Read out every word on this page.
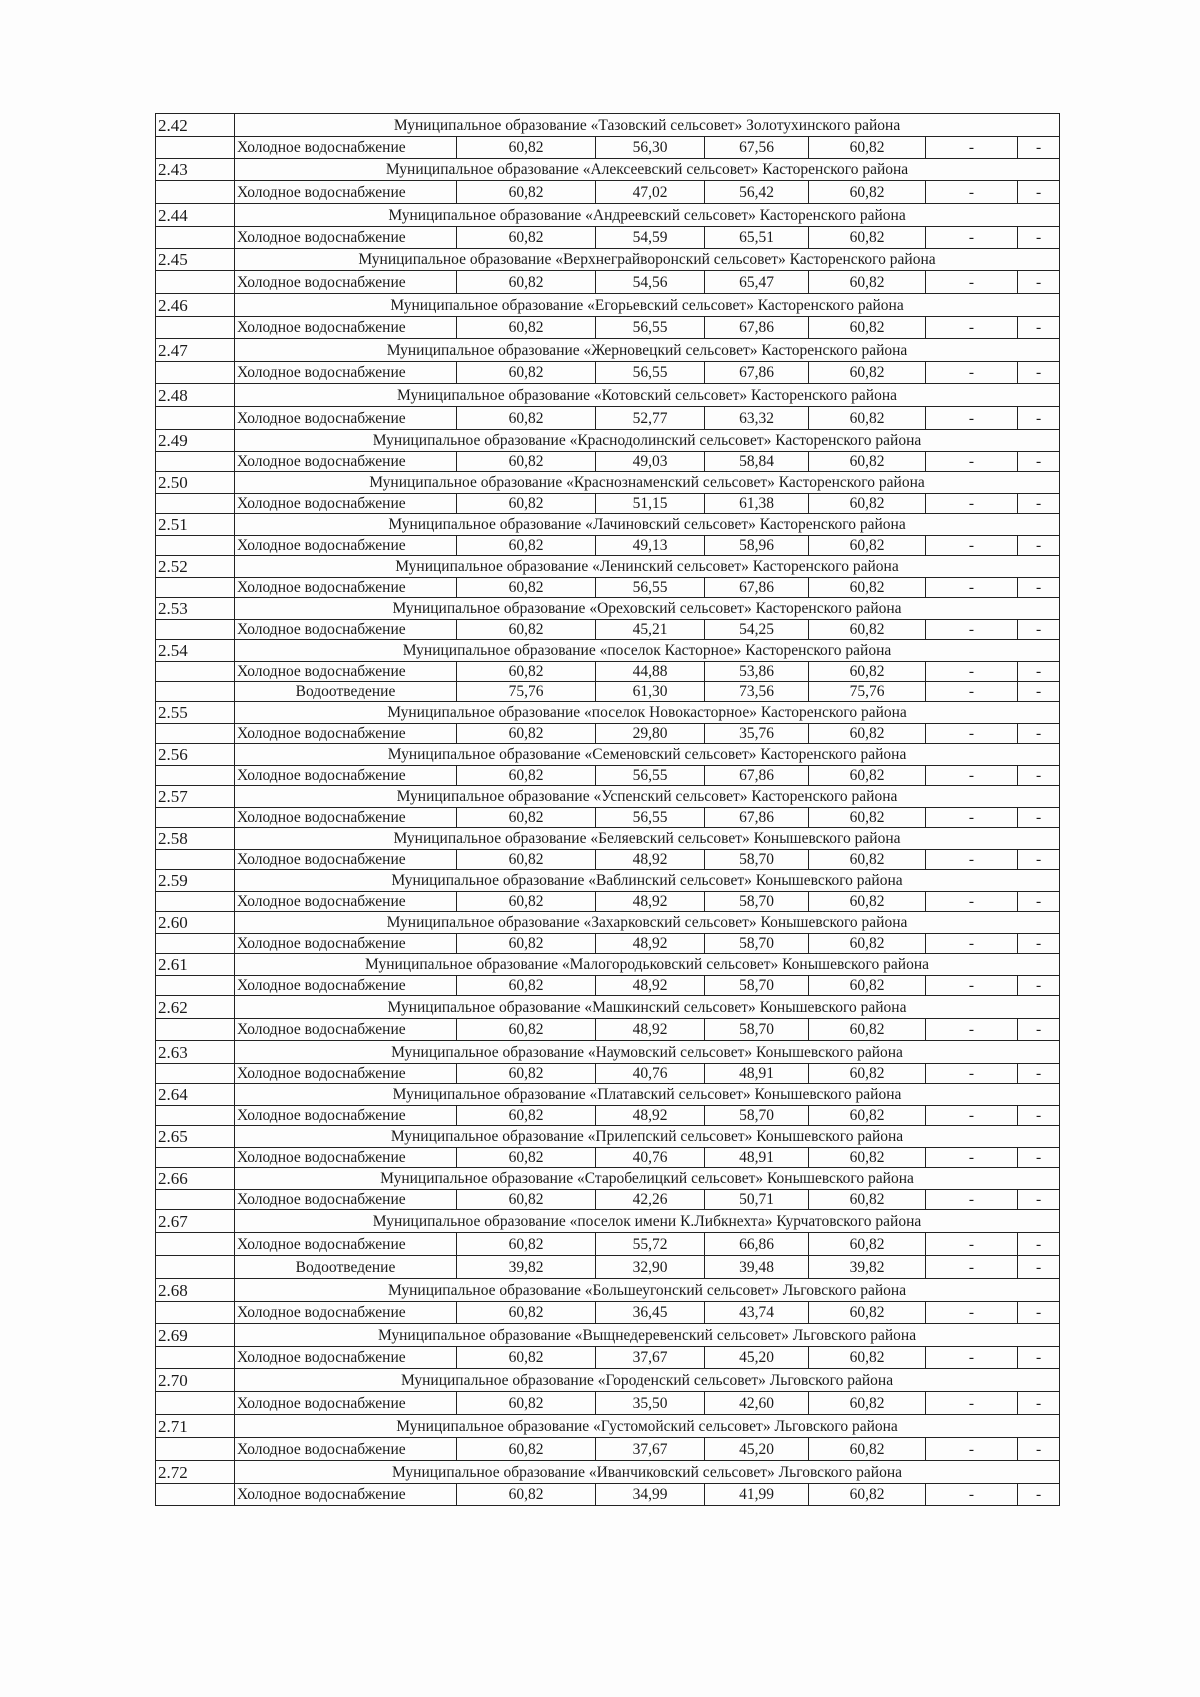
2.42	Муниципальное образование «Тазовский сельсовет» Золотухинского района						
	Холодное водоснабжение	60,82	56,30	67,56	60,82	-	-
2.43	Муниципальное образование «Алексеевский сельсовет» Касторенского района						
	Холодное водоснабжение	60,82	47,02	56,42	60,82	-	-
2.44	Муниципальное образование «Андреевский сельсовет» Касторенского района						
	Холодное водоснабжение	60,82	54,59	65,51	60,82	-	-
2.45	Муниципальное образование «Верхнеграйворонский сельсовет» Касторенского района						
	Холодное водоснабжение	60,82	54,56	65,47	60,82	-	-
2.46	Муниципальное образование «Егорьевский сельсовет» Касторенского района						
	Холодное водоснабжение	60,82	56,55	67,86	60,82	-	-
2.47	Муниципальное образование «Жерновецкий сельсовет» Касторенского района						
	Холодное водоснабжение	60,82	56,55	67,86	60,82	-	-
2.48	Муниципальное образование «Котовский сельсовет» Касторенского района						
	Холодное водоснабжение	60,82	52,77	63,32	60,82	-	-
2.49	Муниципальное образование «Краснодолинский сельсовет» Касторенского района						
	Холодное водоснабжение	60,82	49,03	58,84	60,82	-	-
2.50	Муниципальное образование «Краснознаменский сельсовет» Касторенского района						
	Холодное водоснабжение	60,82	51,15	61,38	60,82	-	-
2.51	Муниципальное образование «Лачиновский сельсовет» Касторенского района						
	Холодное водоснабжение	60,82	49,13	58,96	60,82	-	-
2.52	Муниципальное образование «Ленинский сельсовет» Касторенского района						
	Холодное водоснабжение	60,82	56,55	67,86	60,82	-	-
2.53	Муниципальное образование «Ореховский сельсовет» Касторенского района						
	Холодное водоснабжение	60,82	45,21	54,25	60,82	-	-
2.54	Муниципальное образование «поселок Касторное» Касторенского района						
	Холодное водоснабжение	60,82	44,88	53,86	60,82	-	-
	Водоотведение	75,76	61,30	73,56	75,76	-	-
2.55	Муниципальное образование «поселок Новокасторное» Касторенского района						
	Холодное водоснабжение	60,82	29,80	35,76	60,82	-	-
2.56	Муниципальное образование «Семеновский сельсовет» Касторенского района						
	Холодное водоснабжение	60,82	56,55	67,86	60,82	-	-
2.57	Муниципальное образование «Успенский сельсовет» Касторенского района						
	Холодное водоснабжение	60,82	56,55	67,86	60,82	-	-
2.58	Муниципальное образование «Беляевский сельсовет» Конышевского района						
	Холодное водоснабжение	60,82	48,92	58,70	60,82	-	-
2.59	Муниципальное образование «Ваблинский сельсовет» Конышевского района						
	Холодное водоснабжение	60,82	48,92	58,70	60,82	-	-
2.60	Муниципальное образование «Захарковский сельсовет» Конышевского района						
	Холодное водоснабжение	60,82	48,92	58,70	60,82	-	-
2.61	Муниципальное образование «Малогородьковский сельсовет» Конышевского района						
	Холодное водоснабжение	60,82	48,92	58,70	60,82	-	-
2.62	Муниципальное образование «Машкинский сельсовет» Конышевского района						
	Холодное водоснабжение	60,82	48,92	58,70	60,82	-	-
2.63	Муниципальное образование «Наумовский сельсовет» Конышевского района						
	Холодное водоснабжение	60,82	40,76	48,91	60,82	-	-
2.64	Муниципальное образование «Платавский сельсовет» Конышевского района						
	Холодное водоснабжение	60,82	48,92	58,70	60,82	-	-
2.65	Муниципальное образование «Прилепский сельсовет» Конышевского района						
	Холодное водоснабжение	60,82	40,76	48,91	60,82	-	-
2.66	Муниципальное образование «Старобелицкий сельсовет» Конышевского района						
	Холодное водоснабжение	60,82	42,26	50,71	60,82	-	-
2.67	Муниципальное образование «поселок имени К.Либкнехта» Курчатовского района						
	Холодное водоснабжение	60,82	55,72	66,86	60,82	-	-
	Водоотведение	39,82	32,90	39,48	39,82	-	-
2.68	Муниципальное образование «Большеугонский сельсовет» Льговского района						
	Холодное водоснабжение	60,82	36,45	43,74	60,82	-	-
2.69	Муниципальное образование «Выщнедеревенский сельсовет» Льговского района						
	Холодное водоснабжение	60,82	37,67	45,20	60,82	-	-
2.70	Муниципальное образование «Городенский сельсовет» Льговского района						
	Холодное водоснабжение	60,82	35,50	42,60	60,82	-	-
2.71	Муниципальное образование «Густомойский сельсовет» Льговского района						
	Холодное водоснабжение	60,82	37,67	45,20	60,82	-	-
2.72	Муниципальное образование «Иванчиковский сельсовет» Льговского района						
	Холодное водоснабжение	60,82	34,99	41,99	60,82	-	-
